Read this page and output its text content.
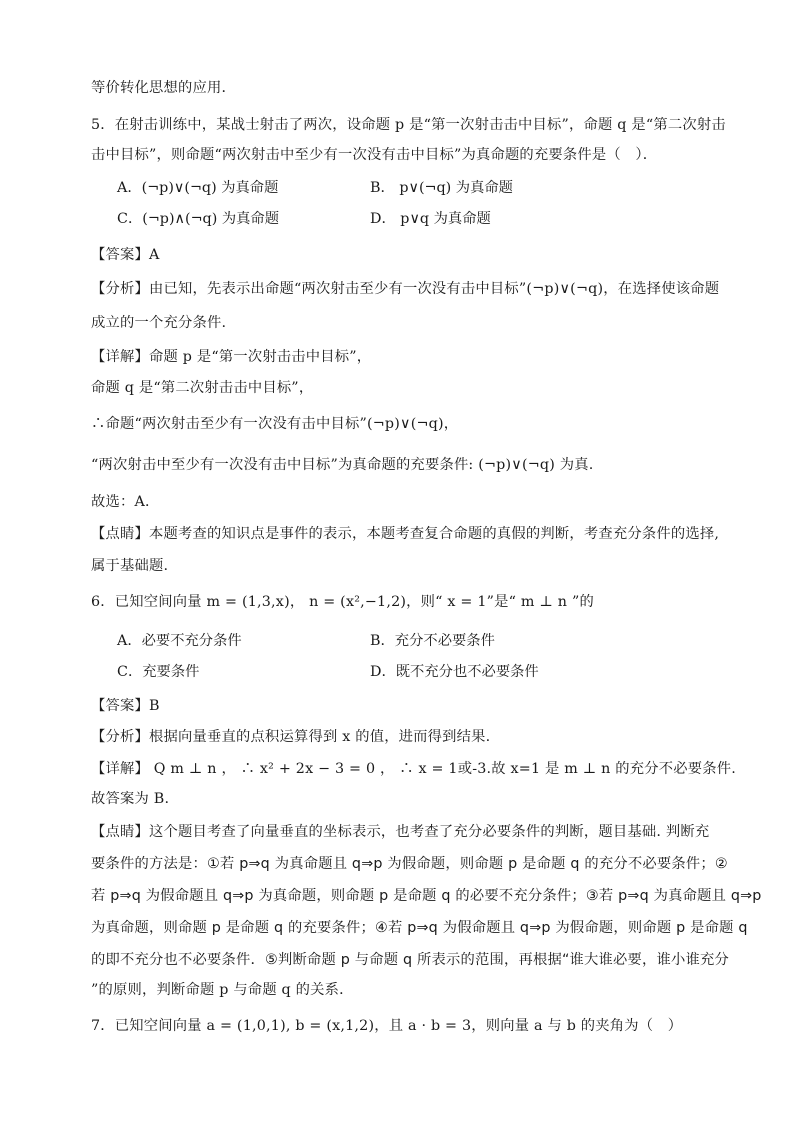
等价转化思想的应用．
5．在射击训练中，某战士射击了两次，设命题 p 是“第一次射击击中目标”，命题 q 是“第二次射击
击中目标”，则命题“两次射击中至少有一次没有击中目标”为真命题的充要条件是（　）．
A．(¬p)∨(¬q) 为真命题	B． p∨(¬q) 为真命题
C．(¬p)∧(¬q) 为真命题	D． p∨q 为真命题
【答案】A
【分析】由已知，先表示出命题“两次射击至少有一次没有击中目标”(¬p)∨(¬q)，在选择使该命题
成立的一个充分条件.
【详解】命题 p 是“第一次射击击中目标”，
命题 q 是“第二次射击击中目标”，
∴命题“两次射击至少有一次没有击中目标”(¬p)∨(¬q)，
“两次射击中至少有一次没有击中目标”为真命题的充要条件: (¬p)∨(¬q) 为真.
故选：A．
【点睛】本题考查的知识点是事件的表示，本题考查复合命题的真假的判断，考查充分条件的选择,
属于基础题.
6．已知空间向量 m = (1,3,x)， n = (x²,−1,2)，则“ x = 1”是“ m ⊥ n ”的
A．必要不充分条件	B．充分不必要条件
C．充要条件	D．既不充分也不必要条件
【答案】B
【分析】根据向量垂直的点积运算得到 x 的值，进而得到结果.
【详解】 Q m ⊥ n ， ∴ x² + 2x − 3 = 0 ， ∴ x = 1或-3.故 x=1 是 m ⊥ n 的充分不必要条件.
故答案为 B.
【点睛】这个题目考查了向量垂直的坐标表示，也考查了充分必要条件的判断，题目基础. 判断充
要条件的方法是：①若 p⇒q 为真命题且 q⇒p 为假命题，则命题 p 是命题 q 的充分不必要条件；②
若 p⇒q 为假命题且 q⇒p 为真命题，则命题 p 是命题 q 的必要不充分条件；③若 p⇒q 为真命题且 q⇒p
为真命题，则命题 p 是命题 q 的充要条件；④若 p⇒q 为假命题且 q⇒p 为假命题，则命题 p 是命题 q
的即不充分也不必要条件．⑤判断命题 p 与命题 q 所表示的范围，再根据“谁大谁必要，谁小谁充分
”的原则，判断命题 p 与命题 q 的关系．
7．已知空间向量 a = (1,0,1), b = (x,1,2)，且 a · b = 3，则向量 a 与 b 的夹角为（　）
